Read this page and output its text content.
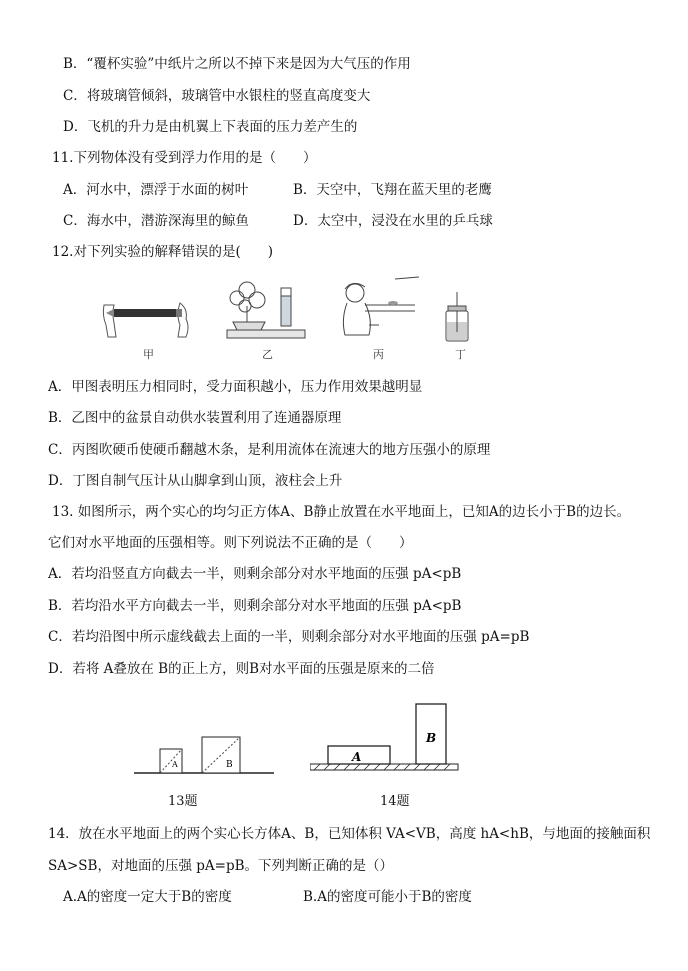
B．“覆杯实验”中纸片之所以不掉下来是因为大气压的作用
C．将玻璃管倾斜，玻璃管中水银柱的竖直高度变大
D．飞机的升力是由机翼上下表面的压力差产生的
11.下列物体没有受到浮力作用的是（　　）
A．河水中，漂浮于水面的树叶	B．天空中，飞翔在蓝天里的老鹰
C．海水中，潜游深海里的鲸鱼	D．太空中，浸没在水里的乒乓球
12.对下列实验的解释错误的是(　　)
甲	乙	丙	丁
A．甲图表明压力相同时，受力面积越小，压力作用效果越明显
B．乙图中的盆景自动供水装置利用了连通器原理
C．丙图吹硬币使硬币翻越木条，是利用流体在流速大的地方压强小的原理
D．丁图自制气压计从山脚拿到山顶，液柱会上升
13. 如图所示，两个实心的均匀正方体A、B静止放置在水平地面上，已知A的边长小于B的边长。
它们对水平地面的压强相等。则下列说法不正确的是（　　）
A．若均沿竖直方向截去一半，则剩余部分对水平地面的压强 pA<pB
B．若均沿水平方向截去一半，则剩余部分对水平地面的压强 pA<pB
C．若均沿图中所示虚线截去上面的一半，则剩余部分对水平地面的压强 pA=pB
D．若将 A叠放在 B的正上方，则B对水平面的压强是原来的二倍
A	B
13题
A
B
14题
14．放在水平地面上的两个实心长方体A、B，已知体积 VA<VB，高度 hA<hB，与地面的接触面积
SA>SB，对地面的压强 pA=pB。下列判断正确的是（）
A.A的密度一定大于B的密度	B.A的密度可能小于B的密度
